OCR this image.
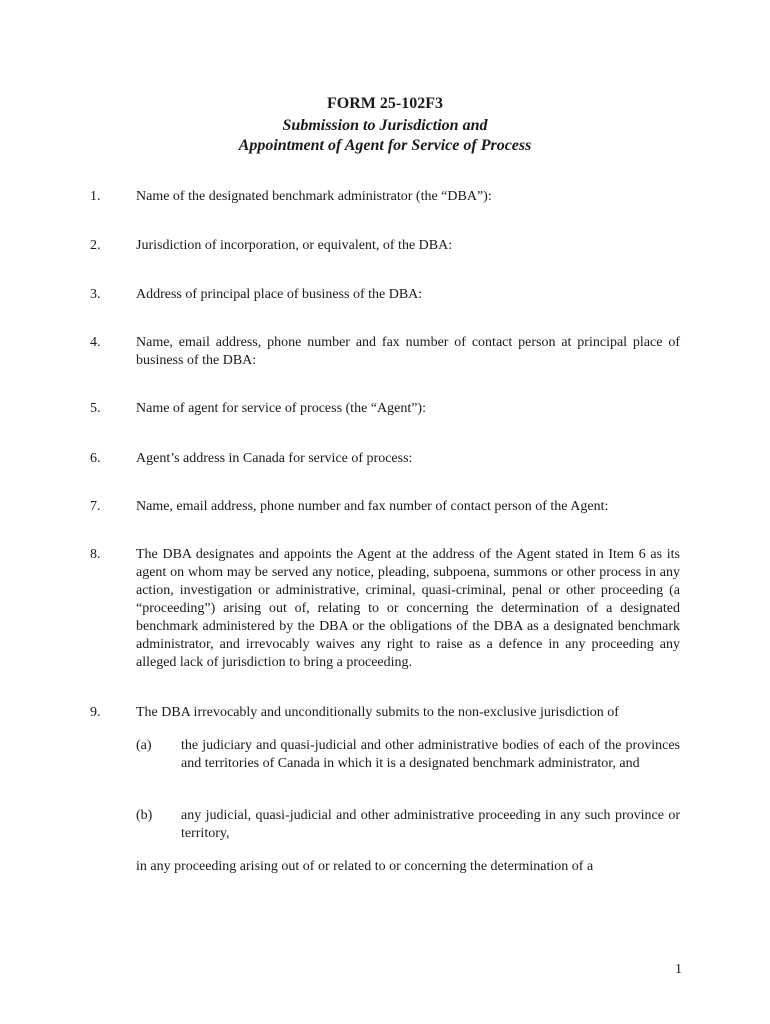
FORM 25-102F3
Submission to Jurisdiction and
Appointment of Agent for Service of Process
1.	Name of the designated benchmark administrator (the “DBA”):
2.	Jurisdiction of incorporation, or equivalent, of the DBA:
3.	Address of principal place of business of the DBA:
4.	Name, email address, phone number and fax number of contact person at principal place of business of the DBA:
5.	Name of agent for service of process (the “Agent”):
6.	Agent’s address in Canada for service of process:
7.	Name, email address, phone number and fax number of contact person of the Agent:
8.	The DBA designates and appoints the Agent at the address of the Agent stated in Item 6 as its agent on whom may be served any notice, pleading, subpoena, summons or other process in any action, investigation or administrative, criminal, quasi-criminal, penal or other proceeding (a “proceeding”) arising out of, relating to or concerning the determination of a designated benchmark administered by the DBA or the obligations of the DBA as a designated benchmark administrator, and irrevocably waives any right to raise as a defence in any proceeding any alleged lack of jurisdiction to bring a proceeding.
9.	The DBA irrevocably and unconditionally submits to the non-exclusive jurisdiction of
(a)	the judiciary and quasi-judicial and other administrative bodies of each of the provinces and territories of Canada in which it is a designated benchmark administrator, and
(b)	any judicial, quasi-judicial and other administrative proceeding in any such province or territory,
in any proceeding arising out of or related to or concerning the determination of a
1
